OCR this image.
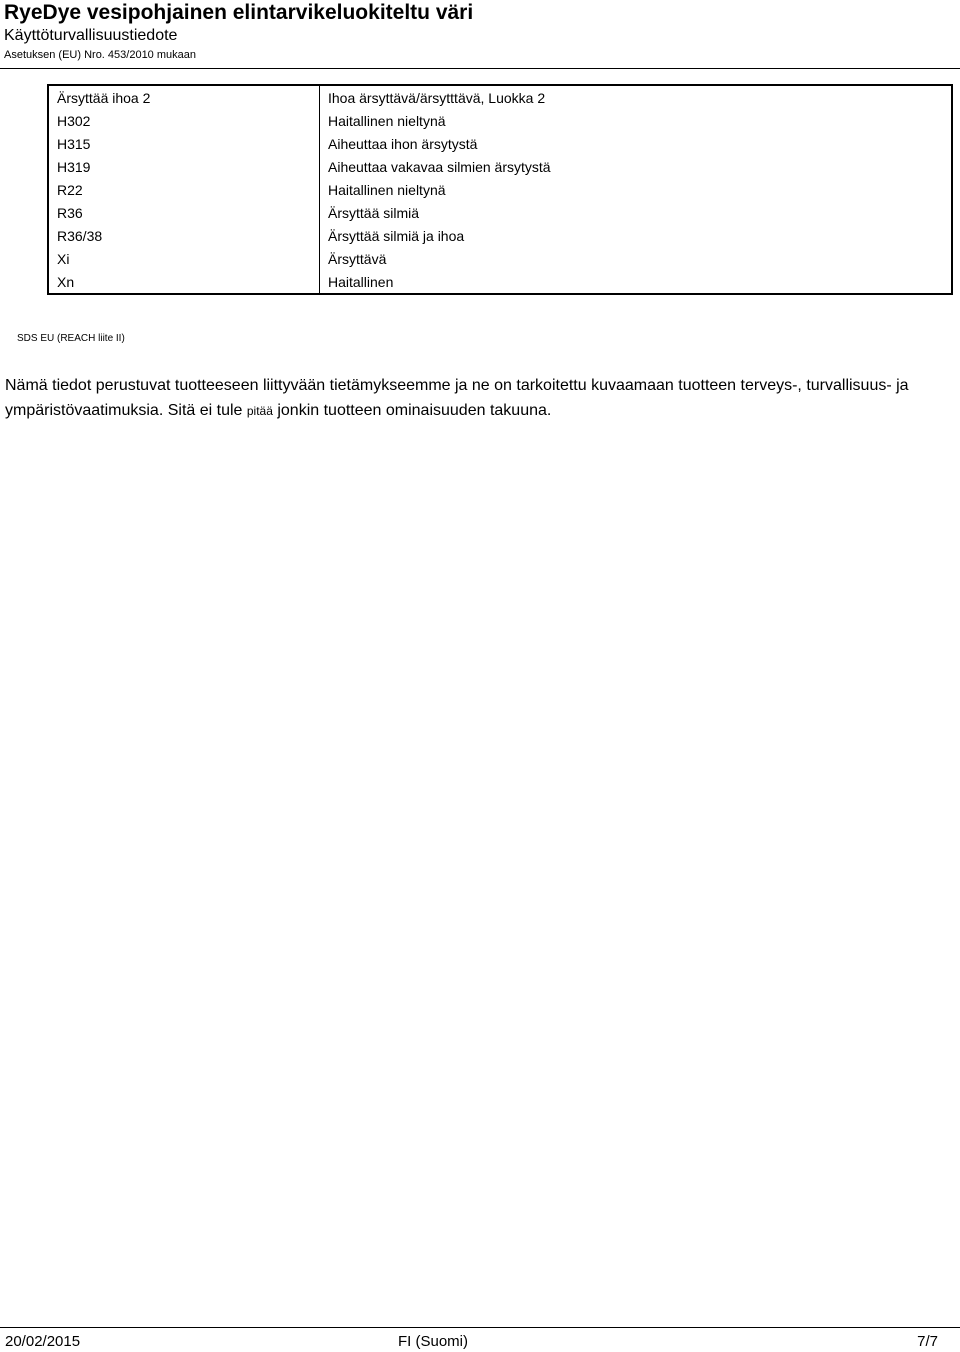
RyeDye vesipohjainen elintarvikeluokiteltu väri
Käyttöturvallisuustiedote
Asetuksen (EU) Nro. 453/2010 mukaan
Ärsyttää ihoa 2	Ihoa ärsyttävä/ärsytttävä, Luokka 2
H302	Haitallinen nieltynä
H315	Aiheuttaa ihon ärsytystä
H319	Aiheuttaa vakavaa silmien ärsytystä
R22	Haitallinen nieltynä
R36	Ärsyttää silmiä
R36/38	Ärsyttää silmiä ja ihoa
Xi	Ärsyttävä
Xn	Haitallinen
SDS EU (REACH liite II)
Nämä tiedot perustuvat tuotteeseen liittyvään tietämykseemme ja ne on tarkoitettu kuvaamaan tuotteen terveys-, turvallisuus- ja ympäristövaatimuksia. Sitä ei tule pitää jonkin tuotteen ominaisuuden takuuna.
20/02/2015	FI (Suomi)	7/7
